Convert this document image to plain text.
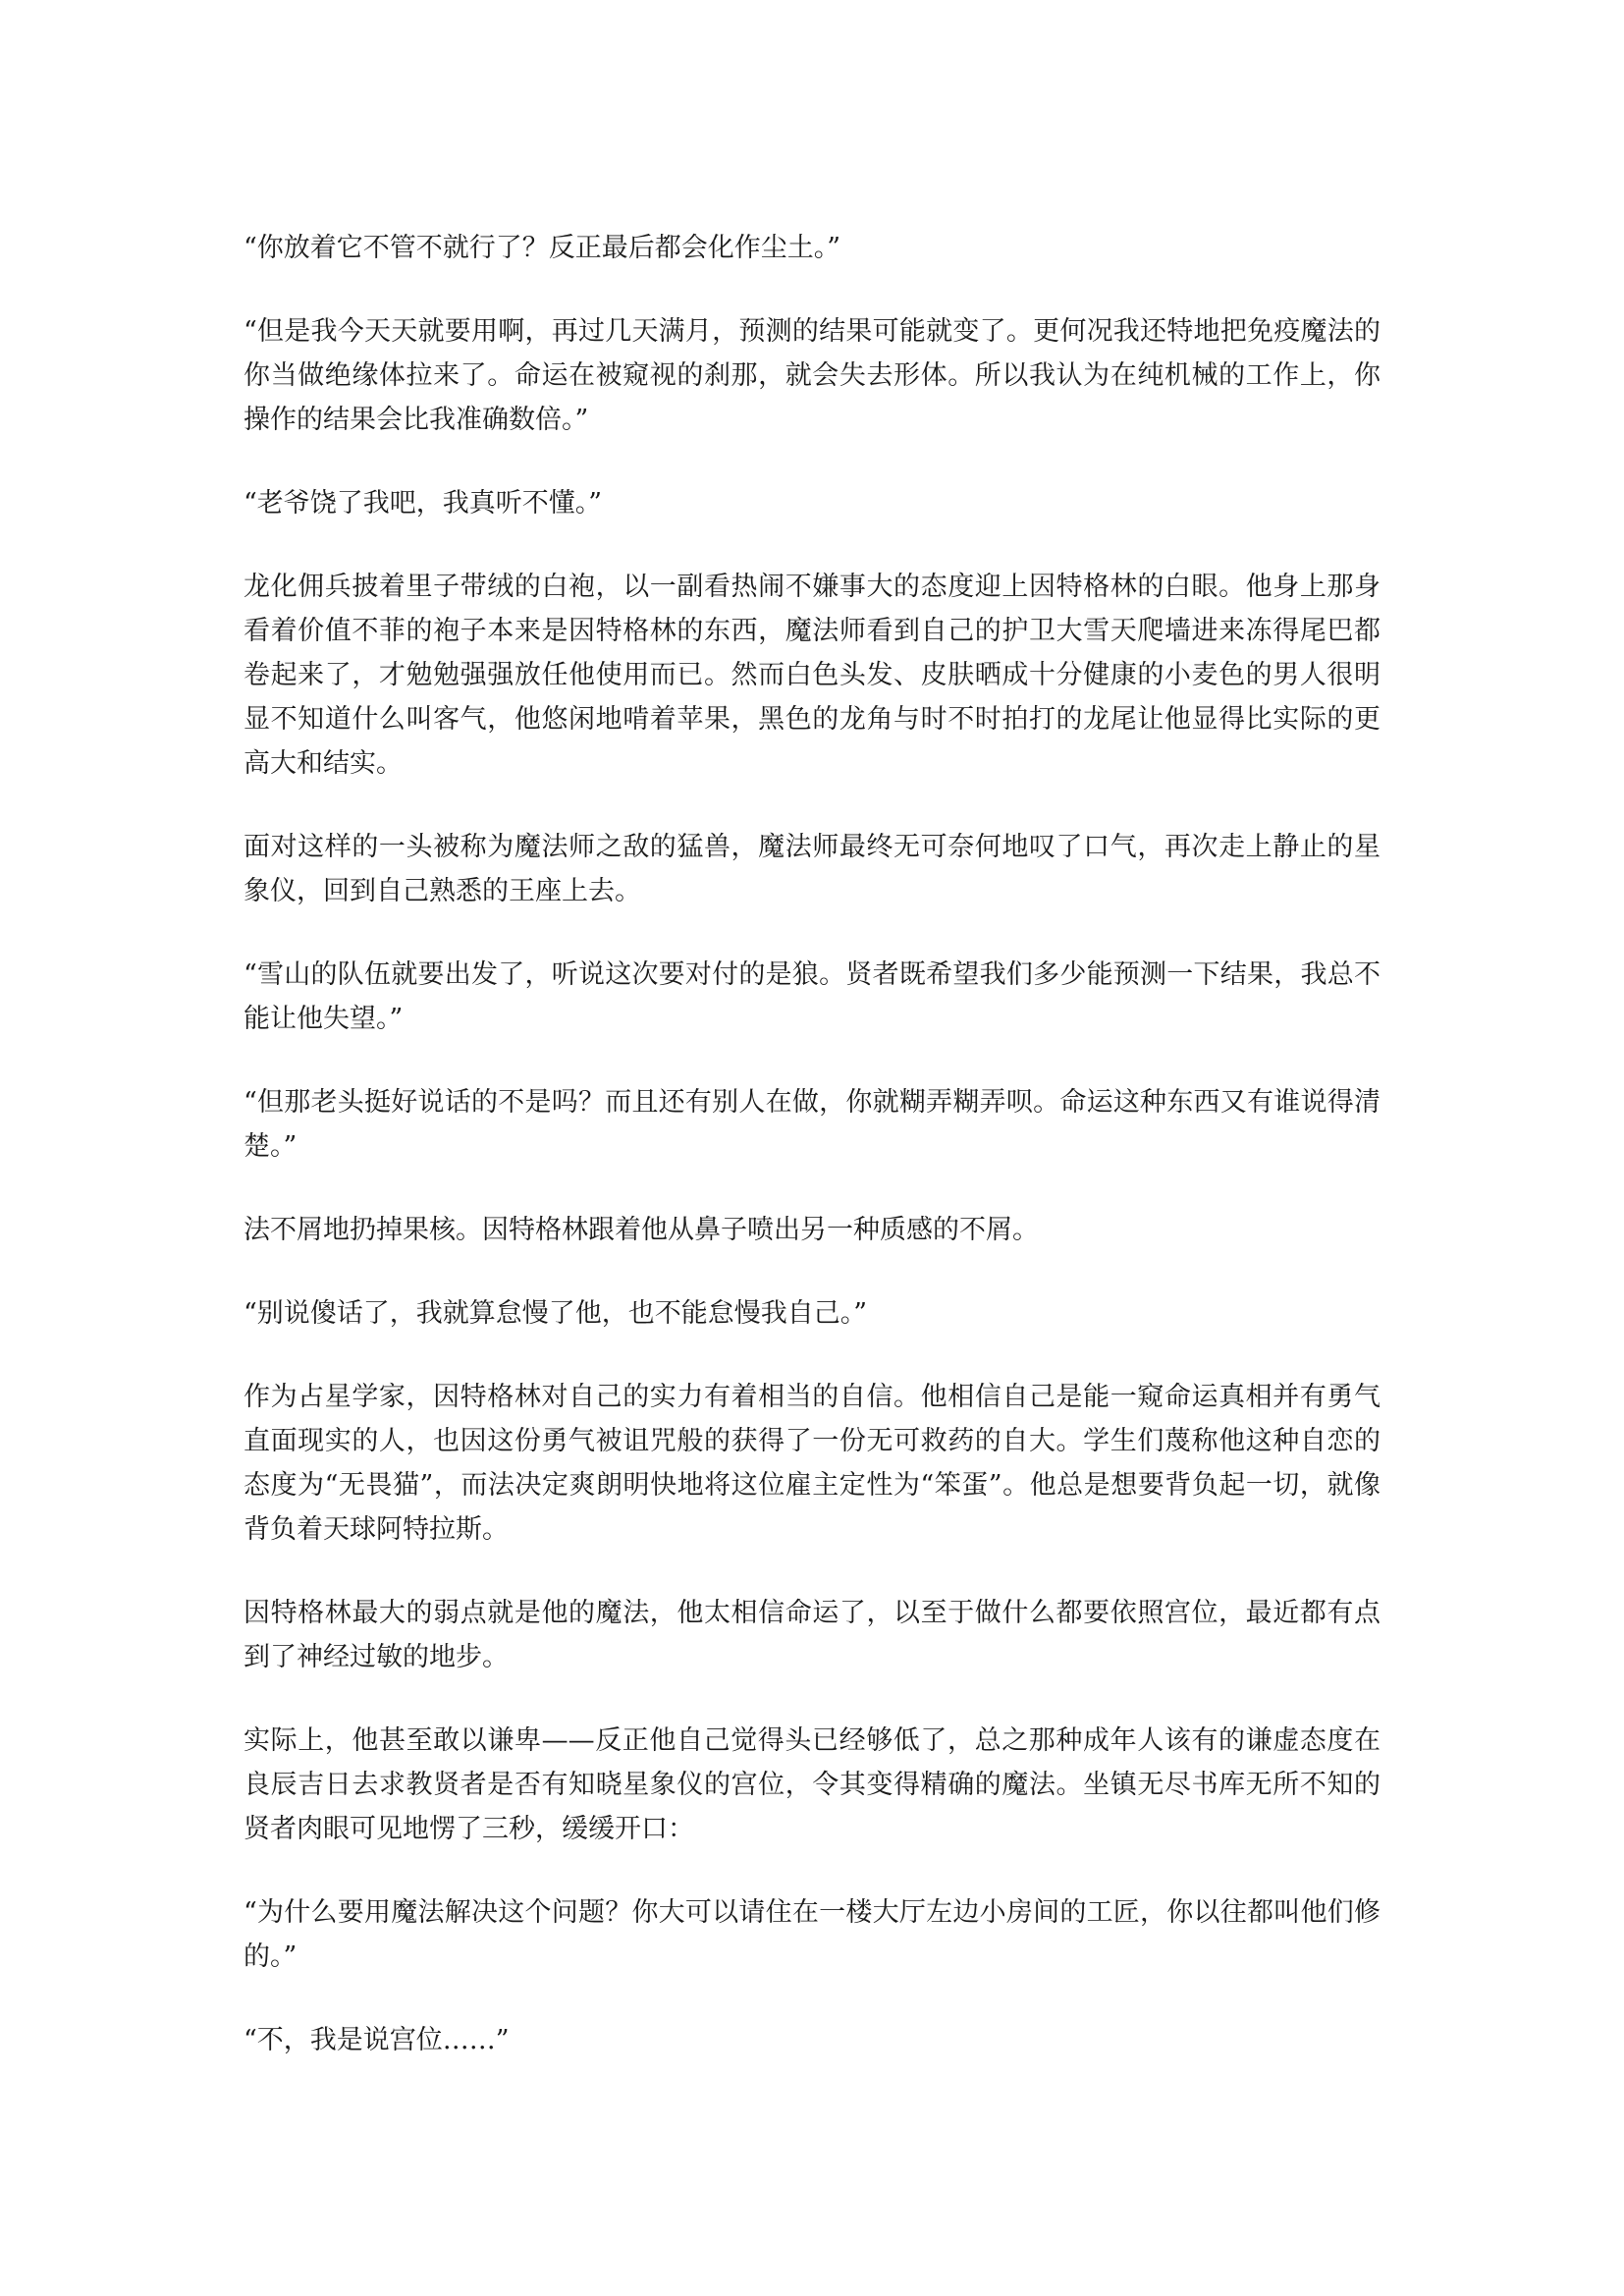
“你放着它不管不就行了？反正最后都会化作尘土。”

“但是我今天天就要用啊，再过几天满月，预测的结果可能就变了。更何况我还特地把免疫魔法的你当做绝缘体拉来了。命运在被窥视的刹那，就会失去形体。所以我认为在纯机械的工作上，你操作的结果会比我准确数倍。”

“老爷饶了我吧，我真听不懂。”

龙化佣兵披着里子带绒的白袍，以一副看热闹不嫌事大的态度迎上因特格林的白眼。他身上那身看着价值不菲的袍子本来是因特格林的东西，魔法师看到自己的护卫大雪天爬墙进来冻得尾巴都卷起来了，才勉勉强强放任他使用而已。然而白色头发、皮肤晒成十分健康的小麦色的男人很明显不知道什么叫客气，他悠闲地啃着苹果，黑色的龙角与时不时拍打的龙尾让他显得比实际的更高大和结实。

面对这样的一头被称为魔法师之敌的猛兽，魔法师最终无可奈何地叹了口气，再次走上静止的星象仪，回到自己熟悉的王座上去。

“雪山的队伍就要出发了，听说这次要对付的是狼。贤者既希望我们多少能预测一下结果，我总不能让他失望。”

“但那老头挺好说话的不是吗？而且还有别人在做，你就糊弄糊弄呗。命运这种东西又有谁说得清楚。”

法不屑地扔掉果核。因特格林跟着他从鼻子喷出另一种质感的不屑。

“别说傻话了，我就算怠慢了他，也不能怠慢我自己。”

作为占星学家，因特格林对自己的实力有着相当的自信。他相信自己是能一窥命运真相并有勇气直面现实的人，也因这份勇气被诅咒般的获得了一份无可救药的自大。学生们蔑称他这种自恋的态度为“无畏猫”，而法决定爽朗明快地将这位雇主定性为“笨蛋”。他总是想要背负起一切，就像背负着天球阿特拉斯。

因特格林最大的弱点就是他的魔法，他太相信命运了，以至于做什么都要依照宫位，最近都有点到了神经过敏的地步。

实际上，他甚至敢以谦卑——反正他自己觉得头已经够低了，总之那种成年人该有的谦虚态度在良辰吉日去求教贤者是否有知晓星象仪的宫位，令其变得精确的魔法。坐镇无尽书库无所不知的贤者肉眼可见地愣了三秒，缓缓开口：

“为什么要用魔法解决这个问题？你大可以请住在一楼大厅左边小房间的工匠，你以往都叫他们修的。”

“不，我是说宫位……”
